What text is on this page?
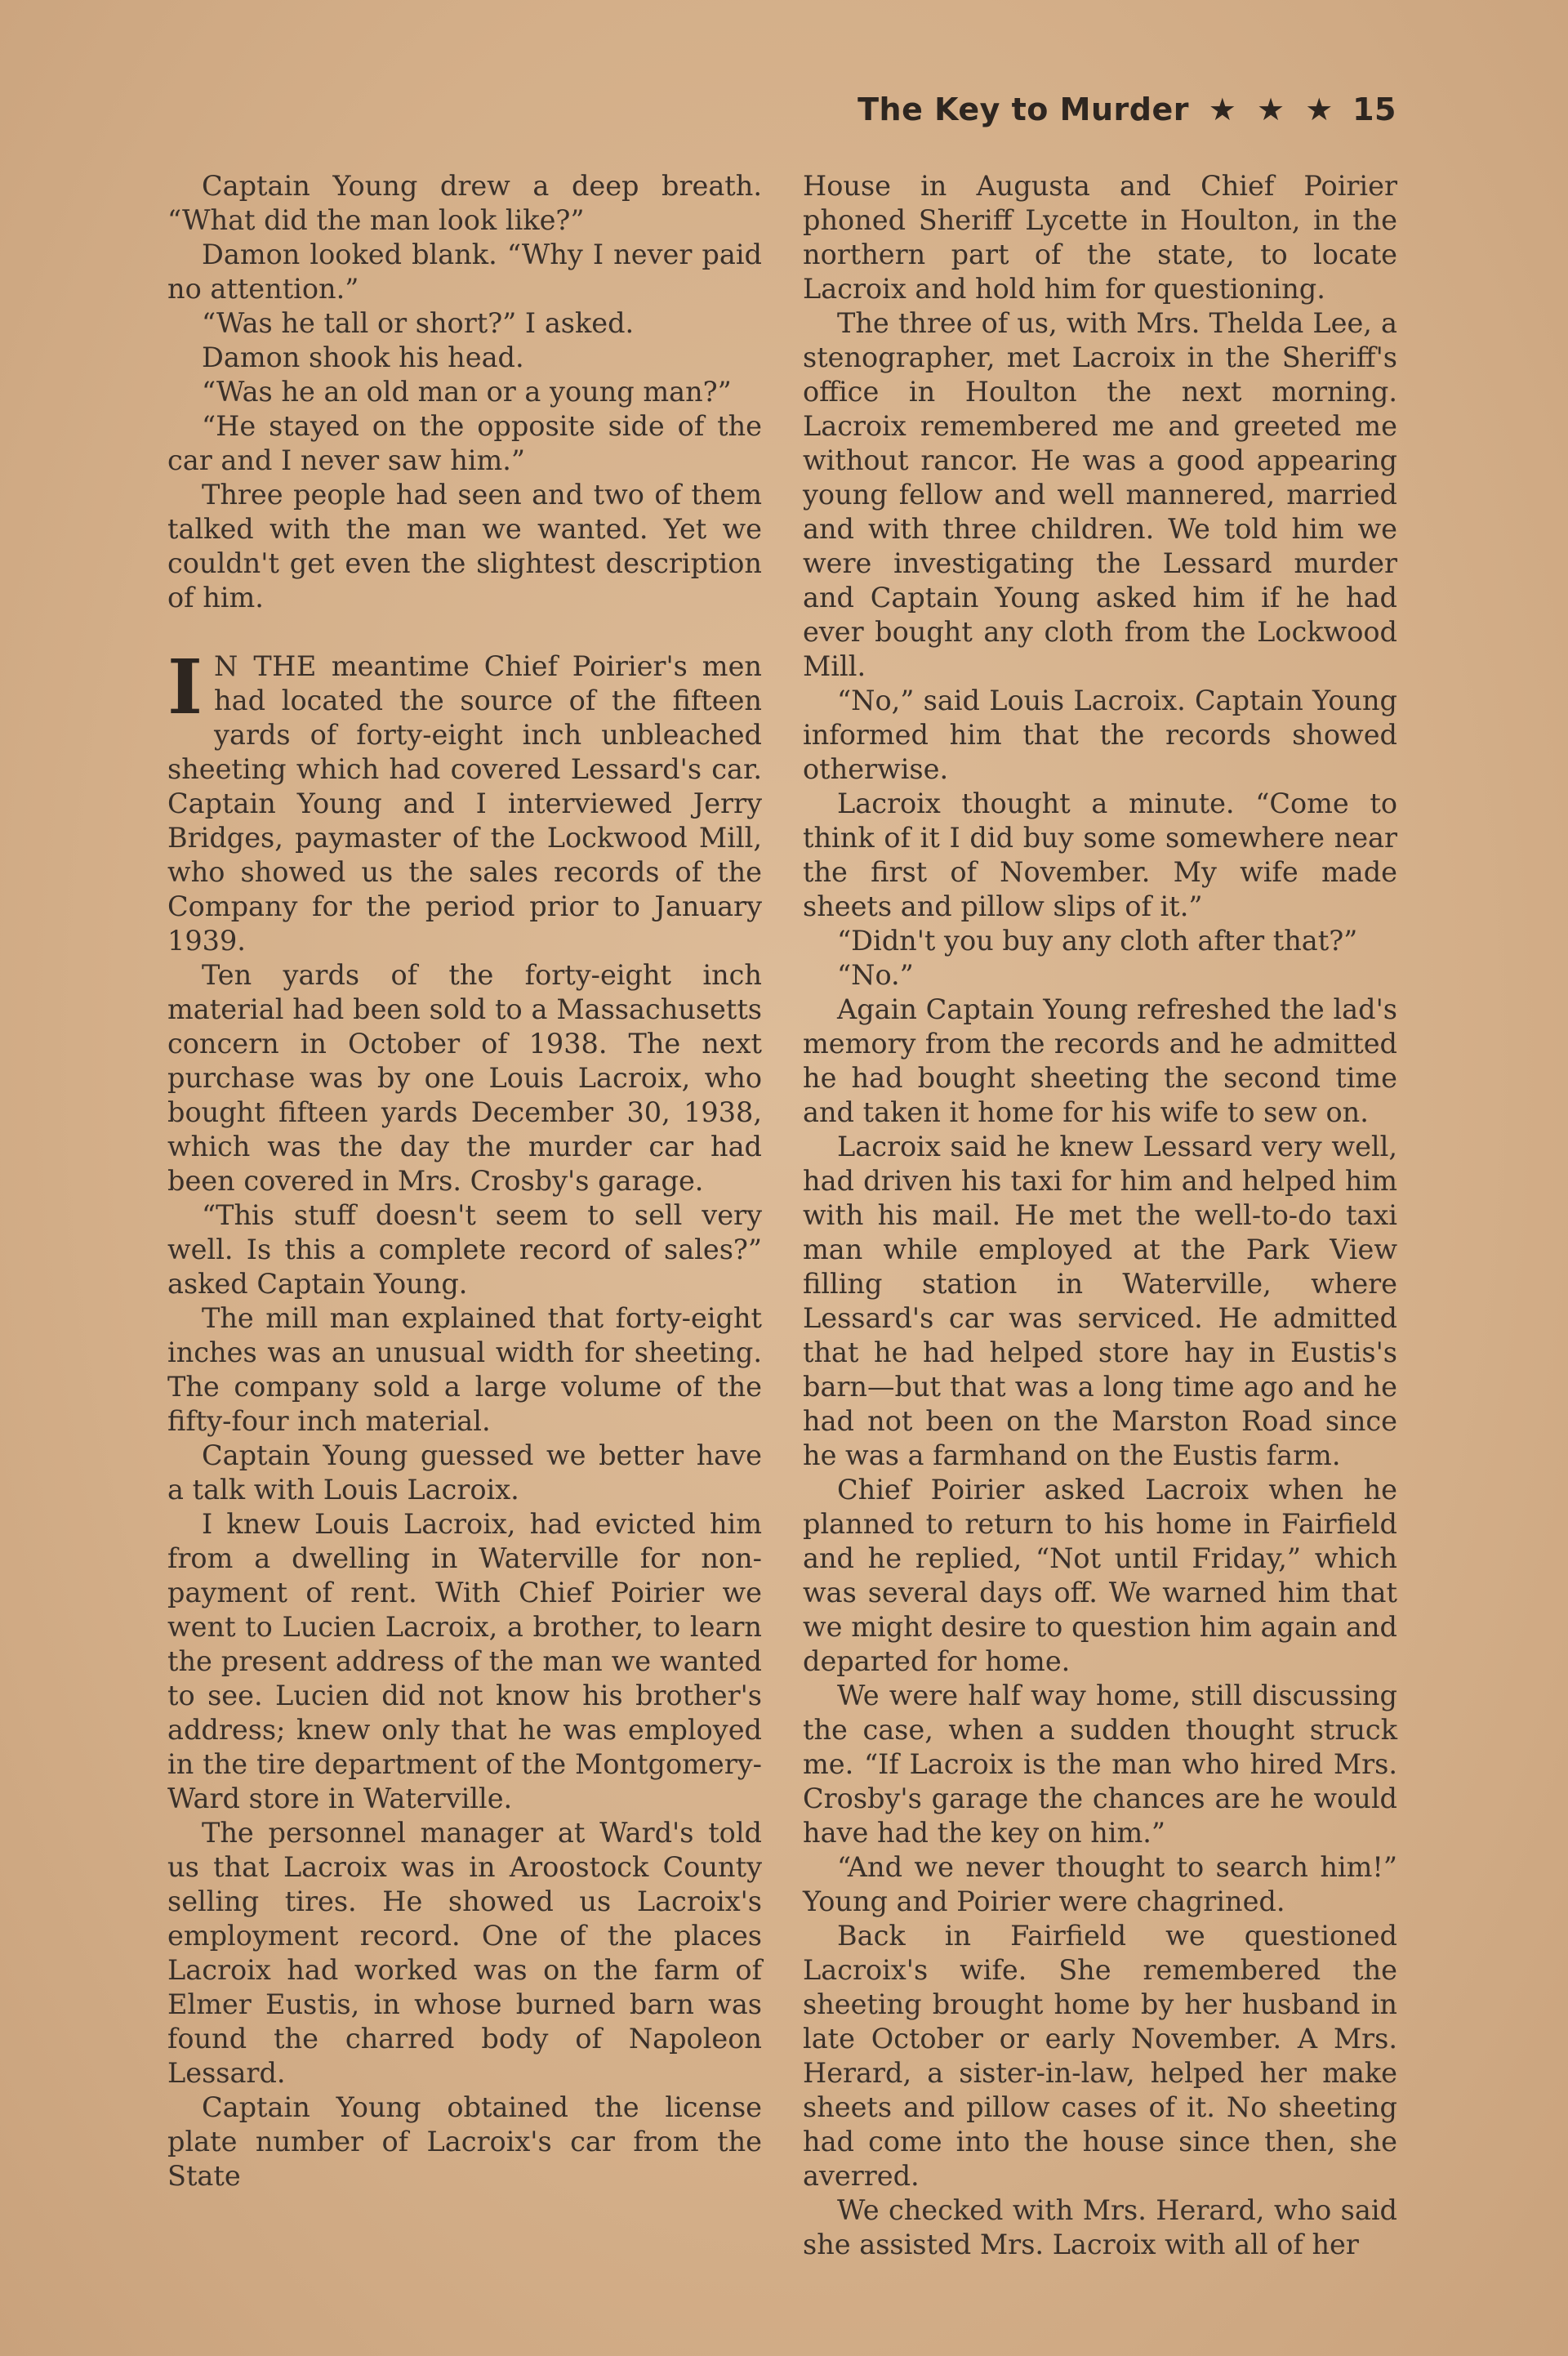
The Key to Murder ★ ★ ★ 15

Captain Young drew a deep breath. “What did the man look like?”

Damon looked blank. “Why I never paid no attention.”

“Was he tall or short?” I asked.

Damon shook his head.

“Was he an old man or a young man?”

“He stayed on the opposite side of the car and I never saw him.”

Three people had seen and two of them talked with the man we wanted. Yet we couldn't get even the slightest description of him.

I N THE meantime Chief Poirier's men had located the source of the fifteen yards of forty-eight inch unbleached sheeting which had covered Lessard's car. Captain Young and I interviewed Jerry Bridges, paymaster of the Lockwood Mill, who showed us the sales records of the Company for the period prior to January 1939.

Ten yards of the forty-eight inch material had been sold to a Massachusetts concern in October of 1938. The next purchase was by one Louis Lacroix, who bought fifteen yards December 30, 1938, which was the day the murder car had been covered in Mrs. Crosby's garage.

“This stuff doesn't seem to sell very well. Is this a complete record of sales?” asked Captain Young.

The mill man explained that forty-eight inches was an unusual width for sheeting. The company sold a large volume of the fifty-four inch material.

Captain Young guessed we better have a talk with Louis Lacroix.

I knew Louis Lacroix, had evicted him from a dwelling in Waterville for non-payment of rent. With Chief Poirier we went to Lucien Lacroix, a brother, to learn the present address of the man we wanted to see. Lucien did not know his brother's address; knew only that he was employed in the tire department of the Montgomery-Ward store in Waterville.

The personnel manager at Ward's told us that Lacroix was in Aroostock County selling tires. He showed us Lacroix's employment record. One of the places Lacroix had worked was on the farm of Elmer Eustis, in whose burned barn was found the charred body of Napoleon Lessard.

Captain Young obtained the license plate number of Lacroix's car from the State

House in Augusta and Chief Poirier phoned Sheriff Lycette in Houlton, in the northern part of the state, to locate Lacroix and hold him for questioning.

The three of us, with Mrs. Thelda Lee, a stenographer, met Lacroix in the Sheriff's office in Houlton the next morning. Lacroix remembered me and greeted me without rancor. He was a good appearing young fellow and well mannered, married and with three children. We told him we were investigating the Lessard murder and Captain Young asked him if he had ever bought any cloth from the Lockwood Mill.

“No,” said Louis Lacroix. Captain Young informed him that the records showed otherwise.

Lacroix thought a minute. “Come to think of it I did buy some somewhere near the first of November. My wife made sheets and pillow slips of it.”

“Didn't you buy any cloth after that?”

“No.”

Again Captain Young refreshed the lad's memory from the records and he admitted he had bought sheeting the second time and taken it home for his wife to sew on.

Lacroix said he knew Lessard very well, had driven his taxi for him and helped him with his mail. He met the well-to-do taxi man while employed at the Park View filling station in Waterville, where Lessard's car was serviced. He admitted that he had helped store hay in Eustis's barn—but that was a long time ago and he had not been on the Marston Road since he was a farmhand on the Eustis farm.

Chief Poirier asked Lacroix when he planned to return to his home in Fairfield and he replied, “Not until Friday,” which was several days off. We warned him that we might desire to question him again and departed for home.

We were half way home, still discussing the case, when a sudden thought struck me. “If Lacroix is the man who hired Mrs. Crosby's garage the chances are he would have had the key on him.”

“And we never thought to search him!” Young and Poirier were chagrined.

Back in Fairfield we questioned Lacroix's wife. She remembered the sheeting brought home by her husband in late October or early November. A Mrs. Herard, a sister-in-law, helped her make sheets and pillow cases of it. No sheeting had come into the house since then, she averred.

We checked with Mrs. Herard, who said she assisted Mrs. Lacroix with all of her
